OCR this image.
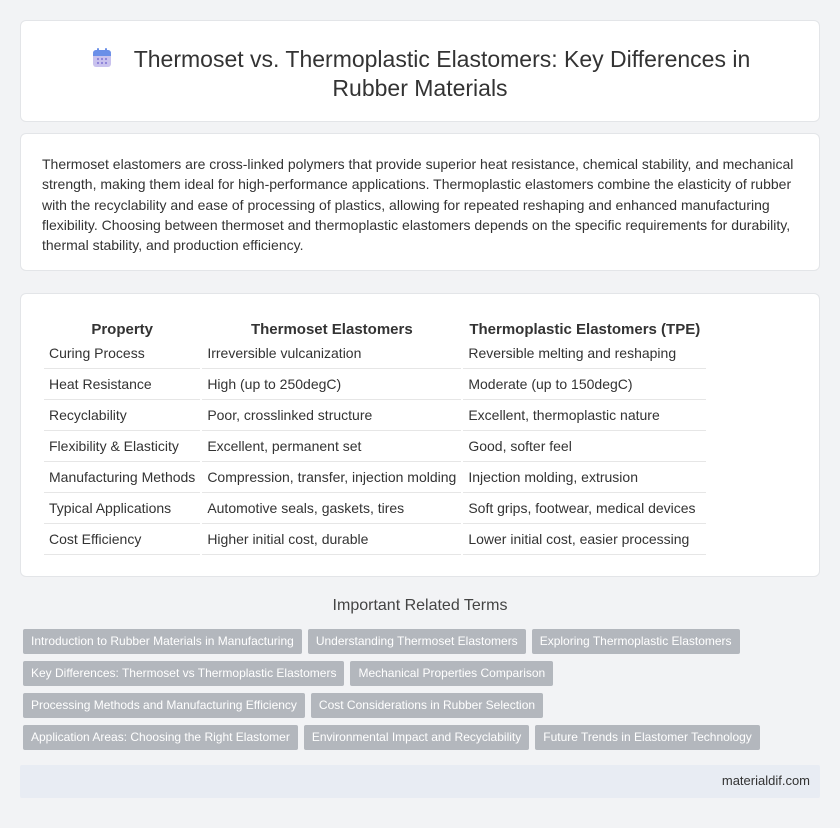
Thermoset vs. Thermoplastic Elastomers: Key Differences in Rubber Materials

Thermoset elastomers are cross-linked polymers that provide superior heat resistance, chemical stability, and mechanical strength, making them ideal for high-performance applications. Thermoplastic elastomers combine the elasticity of rubber with the recyclability and ease of processing of plastics, allowing for repeated reshaping and enhanced manufacturing flexibility. Choosing between thermoset and thermoplastic elastomers depends on the specific requirements for durability, thermal stability, and production efficiency.

Property	Thermoset Elastomers	Thermoplastic Elastomers (TPE)
Curing Process	Irreversible vulcanization	Reversible melting and reshaping
Heat Resistance	High (up to 250degC)	Moderate (up to 150degC)
Recyclability	Poor, crosslinked structure	Excellent, thermoplastic nature
Flexibility & Elasticity	Excellent, permanent set	Good, softer feel
Manufacturing Methods	Compression, transfer, injection molding	Injection molding, extrusion
Typical Applications	Automotive seals, gaskets, tires	Soft grips, footwear, medical devices
Cost Efficiency	Higher initial cost, durable	Lower initial cost, easier processing
Important Related Terms
Introduction to Rubber Materials in Manufacturing Understanding Thermoset Elastomers Exploring Thermoplastic Elastomers
Key Differences: Thermoset vs Thermoplastic Elastomers Mechanical Properties Comparison
Processing Methods and Manufacturing Efficiency Cost Considerations in Rubber Selection
Application Areas: Choosing the Right Elastomer Environmental Impact and Recyclability Future Trends in Elastomer Technology
materialdif.com
